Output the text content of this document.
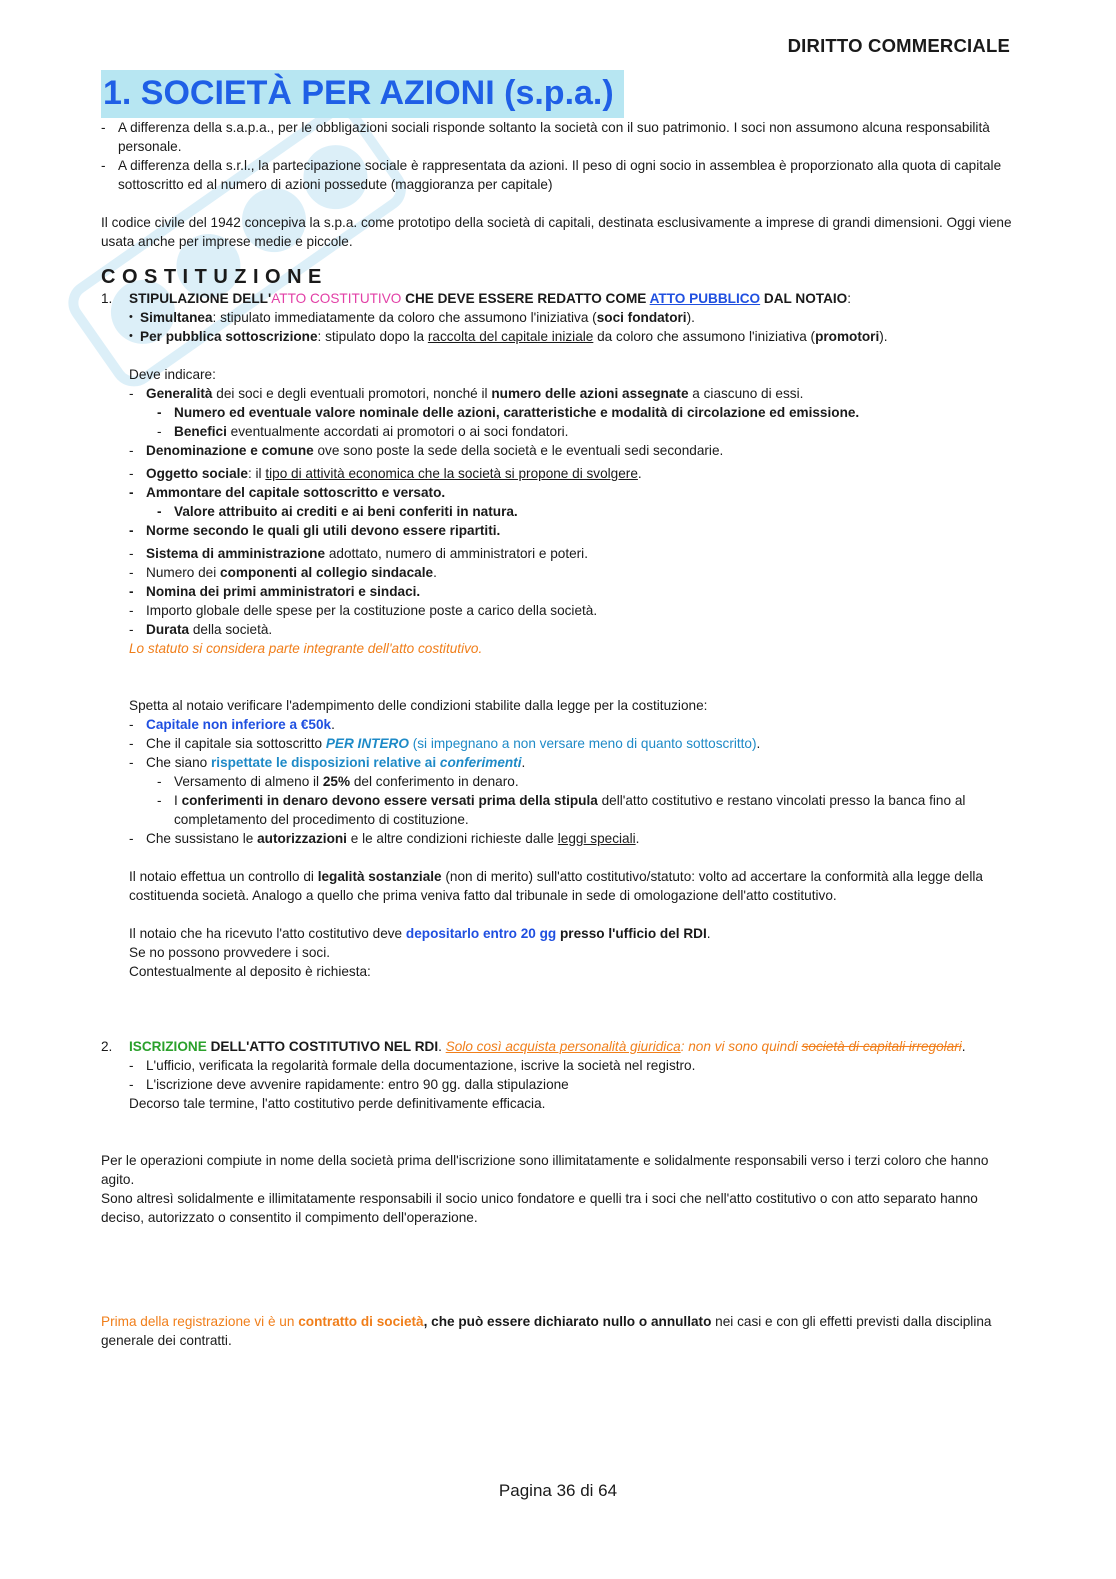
DIRITTO COMMERCIALE
1. SOCIETÀ PER AZIONI (s.p.a.)

- A differenza della s.a.p.a., per le obbligazioni sociali risponde soltanto la società con il suo patrimonio. I soci non assumono alcuna responsabilità personale.

- A differenza della s.r.l., la partecipazione sociale è rappresentata da azioni. Il peso di ogni socio in assemblea è proporzionato alla quota di capitale sottoscritto ed al numero di azioni possedute (maggioranza per capitale)

Il codice civile del 1942 concepiva la s.p.a. come prototipo della società di capitali, destinata esclusivamente a imprese di grandi dimensioni. Oggi viene usata anche per imprese medie e piccole.

COSTITUZIONE

1. STIPULAZIONE DELL'ATTO COSTITUTIVO CHE DEVE ESSERE REDATTO COME ATTO PUBBLICO DAL NOTAIO:

• Simultanea: stipulato immediatamente da coloro che assumono l'iniziativa (soci fondatori).

• Per pubblica sottoscrizione: stipulato dopo la raccolta del capitale iniziale da coloro che assumono l'iniziativa (promotori).

Deve indicare:

- Generalità dei soci e degli eventuali promotori, nonché il numero delle azioni assegnate a ciascuno di essi.

- Numero ed eventuale valore nominale delle azioni, caratteristiche e modalità di circolazione ed emissione.

- Benefici eventualmente accordati ai promotori o ai soci fondatori.

- Denominazione e comune ove sono poste la sede della società e le eventuali sedi secondarie.

- Oggetto sociale: il tipo di attività economica che la società si propone di svolgere.

- Ammontare del capitale sottoscritto e versato.

- Valore attribuito ai crediti e ai beni conferiti in natura.

- Norme secondo le quali gli utili devono essere ripartiti.

- Sistema di amministrazione adottato, numero di amministratori e poteri.

- Numero dei componenti al collegio sindacale.

- Nomina dei primi amministratori e sindaci.

- Importo globale delle spese per la costituzione poste a carico della società.

- Durata della società.

Lo statuto si considera parte integrante dell'atto costitutivo.

Spetta al notaio verificare l'adempimento delle condizioni stabilite dalla legge per la costituzione:

- Capitale non inferiore a €50k.

- Che il capitale sia sottoscritto PER INTERO (si impegnano a non versare meno di quanto sottoscritto).

- Che siano rispettate le disposizioni relative ai conferimenti.

- Versamento di almeno il 25% del conferimento in denaro.

- I conferimenti in denaro devono essere versati prima della stipula dell'atto costitutivo e restano vincolati presso la banca fino al completamento del procedimento di costituzione.

- Che sussistano le autorizzazioni e le altre condizioni richieste dalle leggi speciali.

Il notaio effettua un controllo di legalità sostanziale (non di merito) sull'atto costitutivo/statuto: volto ad accertare la conformità alla legge della costituenda società. Analogo a quello che prima veniva fatto dal tribunale in sede di omologazione dell'atto costitutivo.

Il notaio che ha ricevuto l'atto costitutivo deve depositarlo entro 20 gg presso l'ufficio del RDI.

Se no possono provvedere i soci.

Contestualmente al deposito è richiesta:

2. ISCRIZIONE DELL'ATTO COSTITUTIVO NEL RDI. Solo così acquista personalità giuridica: non vi sono quindi società di capitali irregolari.

- L'ufficio, verificata la regolarità formale della documentazione, iscrive la società nel registro.

- L'iscrizione deve avvenire rapidamente: entro 90 gg. dalla stipulazione

Decorso tale termine, l'atto costitutivo perde definitivamente efficacia.

Per le operazioni compiute in nome della società prima dell'iscrizione sono illimitatamente e solidalmente responsabili verso i terzi coloro che hanno agito.

Sono altresì solidalmente e illimitatamente responsabili il socio unico fondatore e quelli tra i soci che nell'atto costitutivo o con atto separato hanno deciso, autorizzato o consentito il compimento dell'operazione.

Prima della registrazione vi è un contratto di società, che può essere dichiarato nullo o annullato nei casi e con gli effetti previsti dalla disciplina generale dei contratti.

Pagina 36 di 64
